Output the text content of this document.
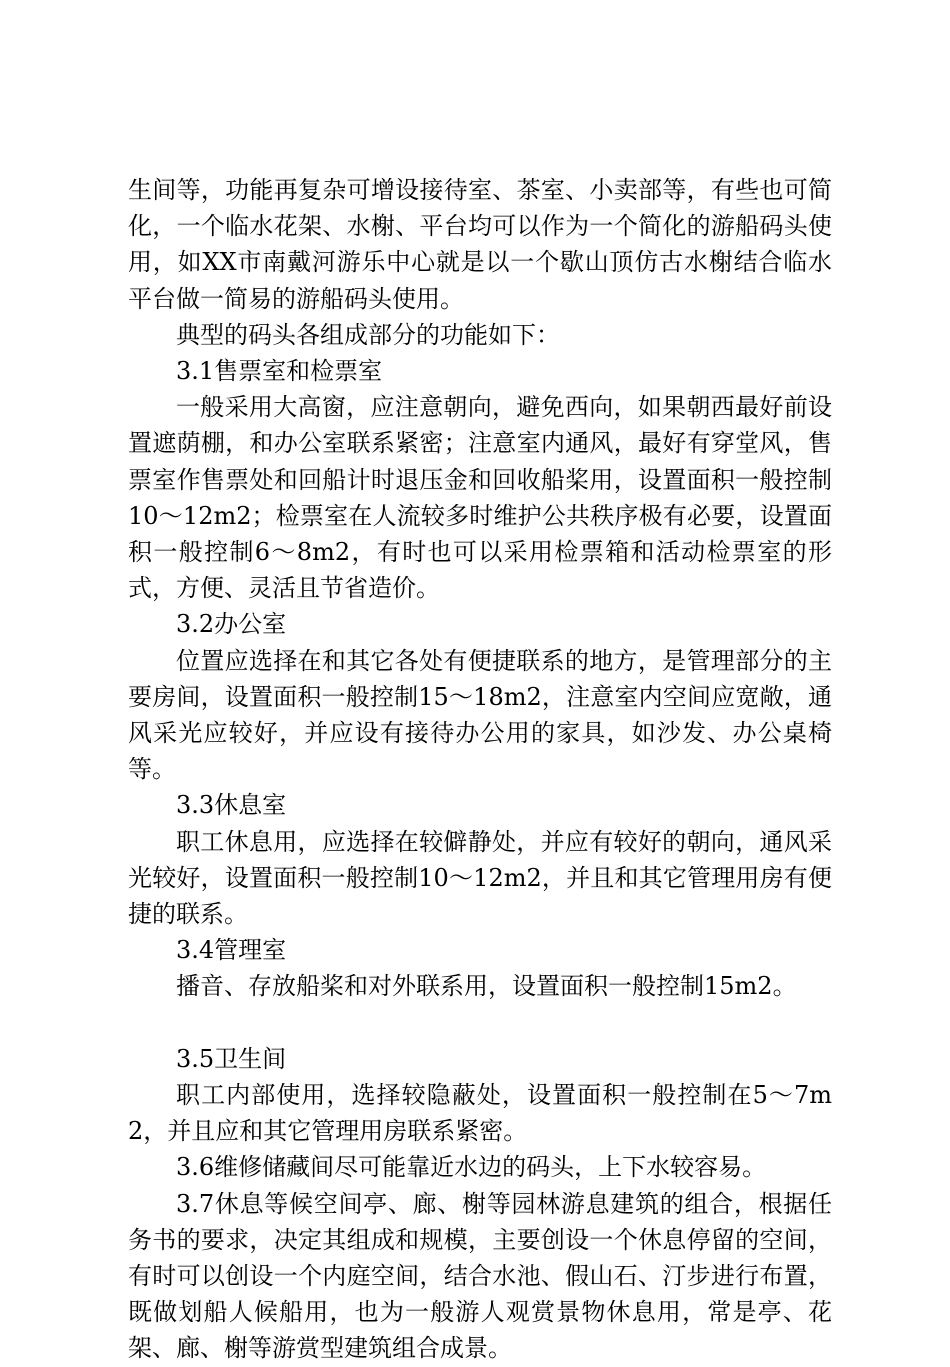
生间等，功能再复杂可增设接待室、茶室、小卖部等，有些也可简化，一个临水花架、水榭、平台均可以作为一个简化的游船码头使用，如XX市南戴河游乐中心就是以一个歇山顶仿古水榭结合临水平台做一简易的游船码头使用。

典型的码头各组成部分的功能如下：

3.1售票室和检票室

一般采用大高窗，应注意朝向，避免西向，如果朝西最好前设置遮荫棚，和办公室联系紧密；注意室内通风，最好有穿堂风，售票室作售票处和回船计时退压金和回收船桨用，设置面积一般控制10～12m2；检票室在人流较多时维护公共秩序极有必要，设置面积一般控制6～8m2，有时也可以采用检票箱和活动检票室的形式，方便、灵活且节省造价。

3.2办公室

位置应选择在和其它各处有便捷联系的地方，是管理部分的主要房间，设置面积一般控制15～18m2，注意室内空间应宽敞，通风采光应较好，并应设有接待办公用的家具，如沙发、办公桌椅等。

3.3休息室

职工休息用，应选择在较僻静处，并应有较好的朝向，通风采光较好，设置面积一般控制10～12m2，并且和其它管理用房有便捷的联系。

3.4管理室

播音、存放船桨和对外联系用，设置面积一般控制15m2。

3.5卫生间

职工内部使用，选择较隐蔽处，设置面积一般控制在5～7m2，并且应和其它管理用房联系紧密。

3.6维修储藏间尽可能靠近水边的码头，上下水较容易。

3.7休息等候空间亭、廊、榭等园林游息建筑的组合，根据任务书的要求，决定其组成和规模，主要创设一个休息停留的空间，有时可以创设一个内庭空间，结合水池、假山石、汀步进行布置，既做划船人候船用，也为一般游人观赏景物休息用，常是亭、花架、廊、榭等游赏型建筑组合成景。
